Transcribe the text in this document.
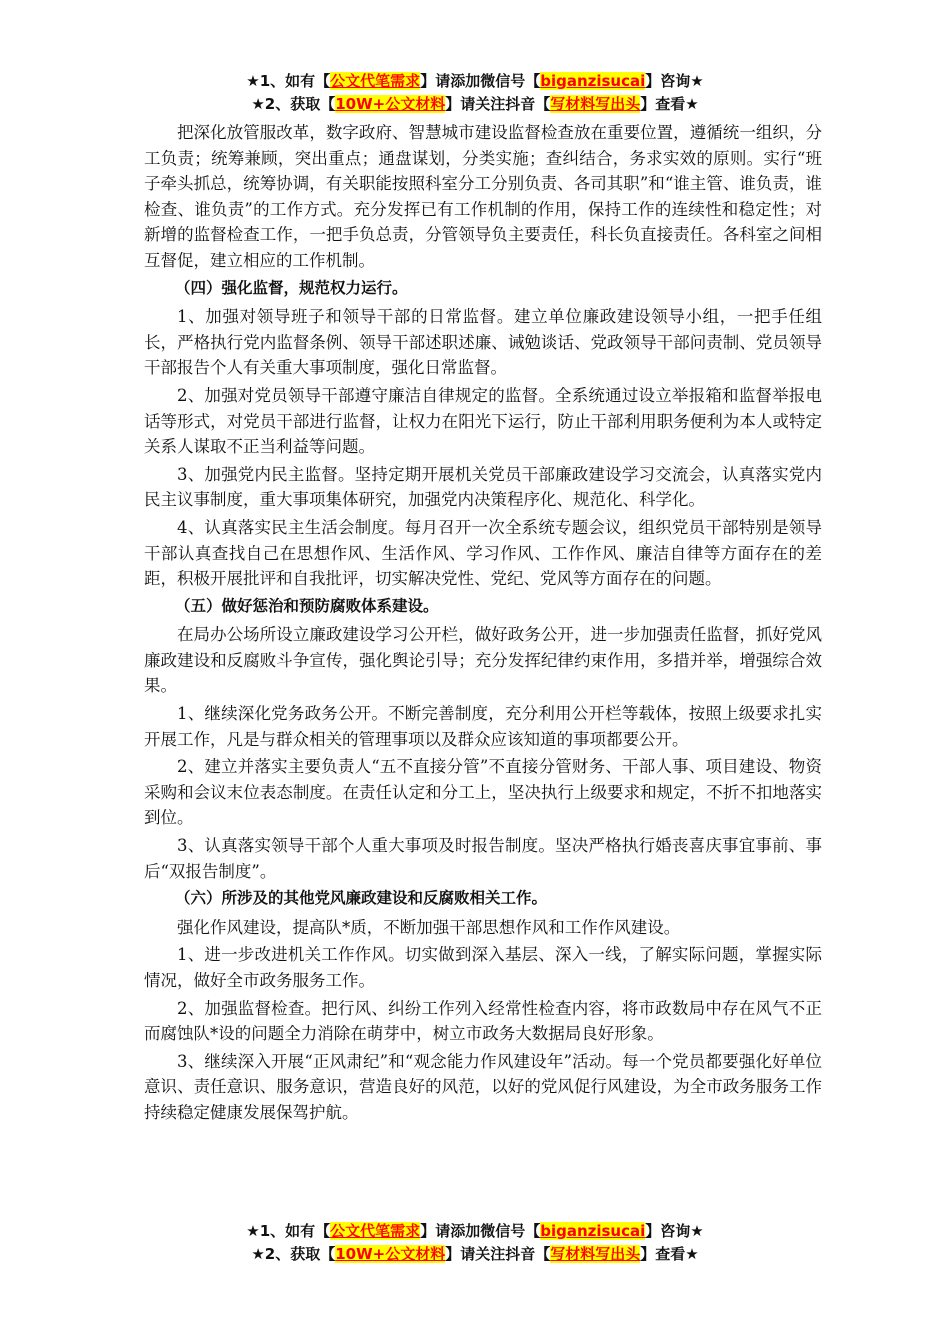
★1、如有【公文代笔需求】请添加微信号【biganzisucai】咨询★
★2、获取【10W+公文材料】请关注抖音【写材料写出头】查看★

把深化放管服改革，数字政府、智慧城市建设监督检查放在重要位置，遵循统一组织，分工负责；统筹兼顾，突出重点；通盘谋划，分类实施；查纠结合，务求实效的原则。实行“班子牵头抓总，统筹协调，有关职能按照科室分工分别负责、各司其职”和“谁主管、谁负责，谁检查、谁负责”的工作方式。充分发挥已有工作机制的作用，保持工作的连续性和稳定性；对新增的监督检查工作，一把手负总责，分管领导负主要责任，科长负直接责任。各科室之间相互督促，建立相应的工作机制。

（四）强化监督，规范权力运行。

1、加强对领导班子和领导干部的日常监督。建立单位廉政建设领导小组，一把手任组长，严格执行党内监督条例、领导干部述职述廉、诫勉谈话、党政领导干部问责制、党员领导干部报告个人有关重大事项制度，强化日常监督。

2、加强对党员领导干部遵守廉洁自律规定的监督。全系统通过设立举报箱和监督举报电话等形式，对党员干部进行监督，让权力在阳光下运行，防止干部利用职务便利为本人或特定关系人谋取不正当利益等问题。

3、加强党内民主监督。坚持定期开展机关党员干部廉政建设学习交流会，认真落实党内民主议事制度，重大事项集体研究，加强党内决策程序化、规范化、科学化。

4、认真落实民主生活会制度。每月召开一次全系统专题会议，组织党员干部特别是领导干部认真查找自己在思想作风、生活作风、学习作风、工作作风、廉洁自律等方面存在的差距，积极开展批评和自我批评，切实解决党性、党纪、党风等方面存在的问题。

（五）做好惩治和预防腐败体系建设。

在局办公场所设立廉政建设学习公开栏，做好政务公开，进一步加强责任监督，抓好党风廉政建设和反腐败斗争宣传，强化舆论引导；充分发挥纪律约束作用，多措并举，增强综合效果。

1、继续深化党务政务公开。不断完善制度，充分利用公开栏等载体，按照上级要求扎实开展工作，凡是与群众相关的管理事项以及群众应该知道的事项都要公开。

2、建立并落实主要负责人“五不直接分管”不直接分管财务、干部人事、项目建设、物资采购和会议末位表态制度。在责任认定和分工上，坚决执行上级要求和规定，不折不扣地落实到位。

3、认真落实领导干部个人重大事项及时报告制度。坚决严格执行婚丧喜庆事宜事前、事后“双报告制度”。

（六）所涉及的其他党风廉政建设和反腐败相关工作。

强化作风建设，提高队*质，不断加强干部思想作风和工作作风建设。

1、进一步改进机关工作作风。切实做到深入基层、深入一线，了解实际问题，掌握实际情况，做好全市政务服务工作。

2、加强监督检查。把行风、纠纷工作列入经常性检查内容，将市政数局中存在风气不正而腐蚀队*设的问题全力消除在萌芽中，树立市政务大数据局良好形象。

3、继续深入开展“正风肃纪”和“观念能力作风建设年”活动。每一个党员都要强化好单位意识、责任意识、服务意识，营造良好的风范，以好的党风促行风建设，为全市政务服务工作持续稳定健康发展保驾护航。

★1、如有【公文代笔需求】请添加微信号【biganzisucai】咨询★
★2、获取【10W+公文材料】请关注抖音【写材料写出头】查看★
